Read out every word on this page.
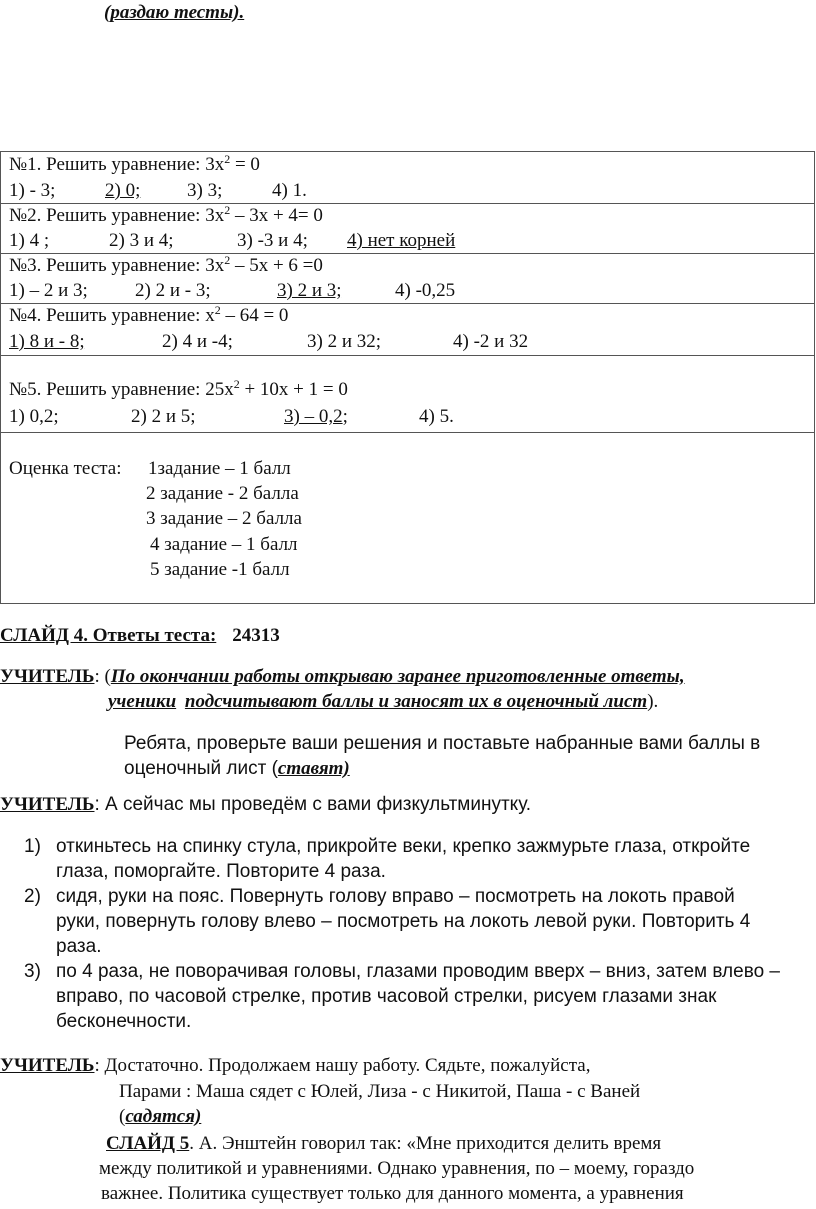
(раздаю тесты).
№1. Решить уравнение: $3x^2 = 0$
1) - 3;	2) 0; 3) 3;	4) 1.
№2. Решить уравнение: $3x^2 - 3x + 4= 0$
1) 4 ;	2) 3 и 4;	3) -3 и 4; 4) нет корней
№3. Решить уравнение: $3x^2 - 5x + 6 =0$
1) – 2 и 3; 2) 2 и - 3;	3) 2 и 3;	4) -0,25
№4. Решить уравнение: $x^2 - 64 = 0$
1) 8 и - 8;	2) 4 и -4;	3) 2 и 32;	4) -2 и 32
№5. Решить уравнение: $25x^2 + 10x + 1 = 0$
1) 0,2;	2) 2 и 5;	3) – 0,2;	4) 5.
Оценка теста: 1задание – 1 балл
2 задание - 2 балла
3 задание – 2 балла
4 задание – 1 балл
5 задание -1 балл
СЛАЙД 4. Ответы теста: 24313
УЧИТЕЛЬ: (По окончании работы открываю заранее приготовленные ответы,
ученики подсчитывают баллы и заносят их в оценочный лист).
Ребята, проверьте ваши решения и поставьте набранные вами баллы в
оценочный лист (ставят)
УЧИТЕЛЬ: А сейчас мы проведём с вами физкультминутку.
1) откиньтесь на спинку стула, прикройте веки, крепко зажмурьте глаза, откройте
глаза, поморгайте. Повторите 4 раза.
2) сидя, руки на пояс. Повернуть голову вправо – посмотреть на локоть правой
руки, повернуть голову влево – посмотреть на локоть левой руки. Повторить 4
раза.
3) по 4 раза, не поворачивая головы, глазами проводим вверх – вниз, затем влево –
вправо, по часовой стрелке, против часовой стрелки, рисуем глазами знак
бесконечности.
УЧИТЕЛЬ: Достаточно. Продолжаем нашу работу. Сядьте, пожалуйста,
Парами : Маша сядет с Юлей, Лиза - с Никитой, Паша - с Ваней
(садятся)
СЛАЙД 5. А. Энштейн говорил так: «Мне приходится делить время
между политикой и уравнениями. Однако уравнения, по – моему, гораздо
важнее. Политика существует только для данного момента, а уравнения
